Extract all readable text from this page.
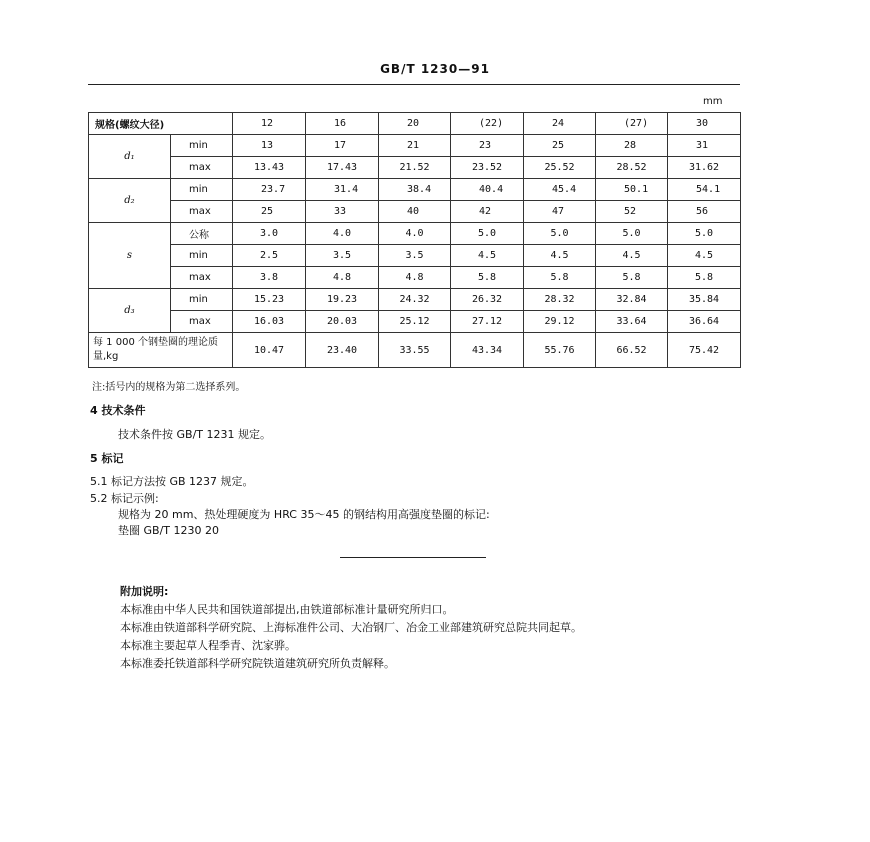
GB/T 1230—91
mm
规格(螺纹大径)		12	16	20	(22)	24	(27)	30
d₁	min	13	17	21	23	25	28	31
	max	13.43	17.43	21.52	23.52	25.52	28.52	31.62
d₂	min	23.7	31.4	38.4	40.4	45.4	50.1	54.1
	max	25	33	40	42	47	52	56
s	公称	3.0	4.0	4.0	5.0	5.0	5.0	5.0
	min	2.5	3.5	3.5	4.5	4.5	4.5	4.5
	max	3.8	4.8	4.8	5.8	5.8	5.8	5.8
d₃	min	15.23	19.23	24.32	26.32	28.32	32.84	35.84
	max	16.03	20.03	25.12	27.12	29.12	33.64	36.64
每 1 000 个钢垫圈的理论质量,kg		10.47	23.40	33.55	43.34	55.76	66.52	75.42
注:括号内的规格为第二选择系列。
4 技术条件
技术条件按 GB/T 1231 规定。
5 标记
5.1 标记方法按 GB 1237 规定。
5.2 标记示例:
规格为 20 mm、热处理硬度为 HRC 35～45 的钢结构用高强度垫圈的标记:
垫圈 GB/T 1230 20
附加说明:
本标准由中华人民共和国铁道部提出,由铁道部标准计量研究所归口。
本标准由铁道部科学研究院、上海标准件公司、大冶钢厂、冶金工业部建筑研究总院共同起草。
本标准主要起草人程季青、沈家骅。
本标准委托铁道部科学研究院铁道建筑研究所负责解释。
